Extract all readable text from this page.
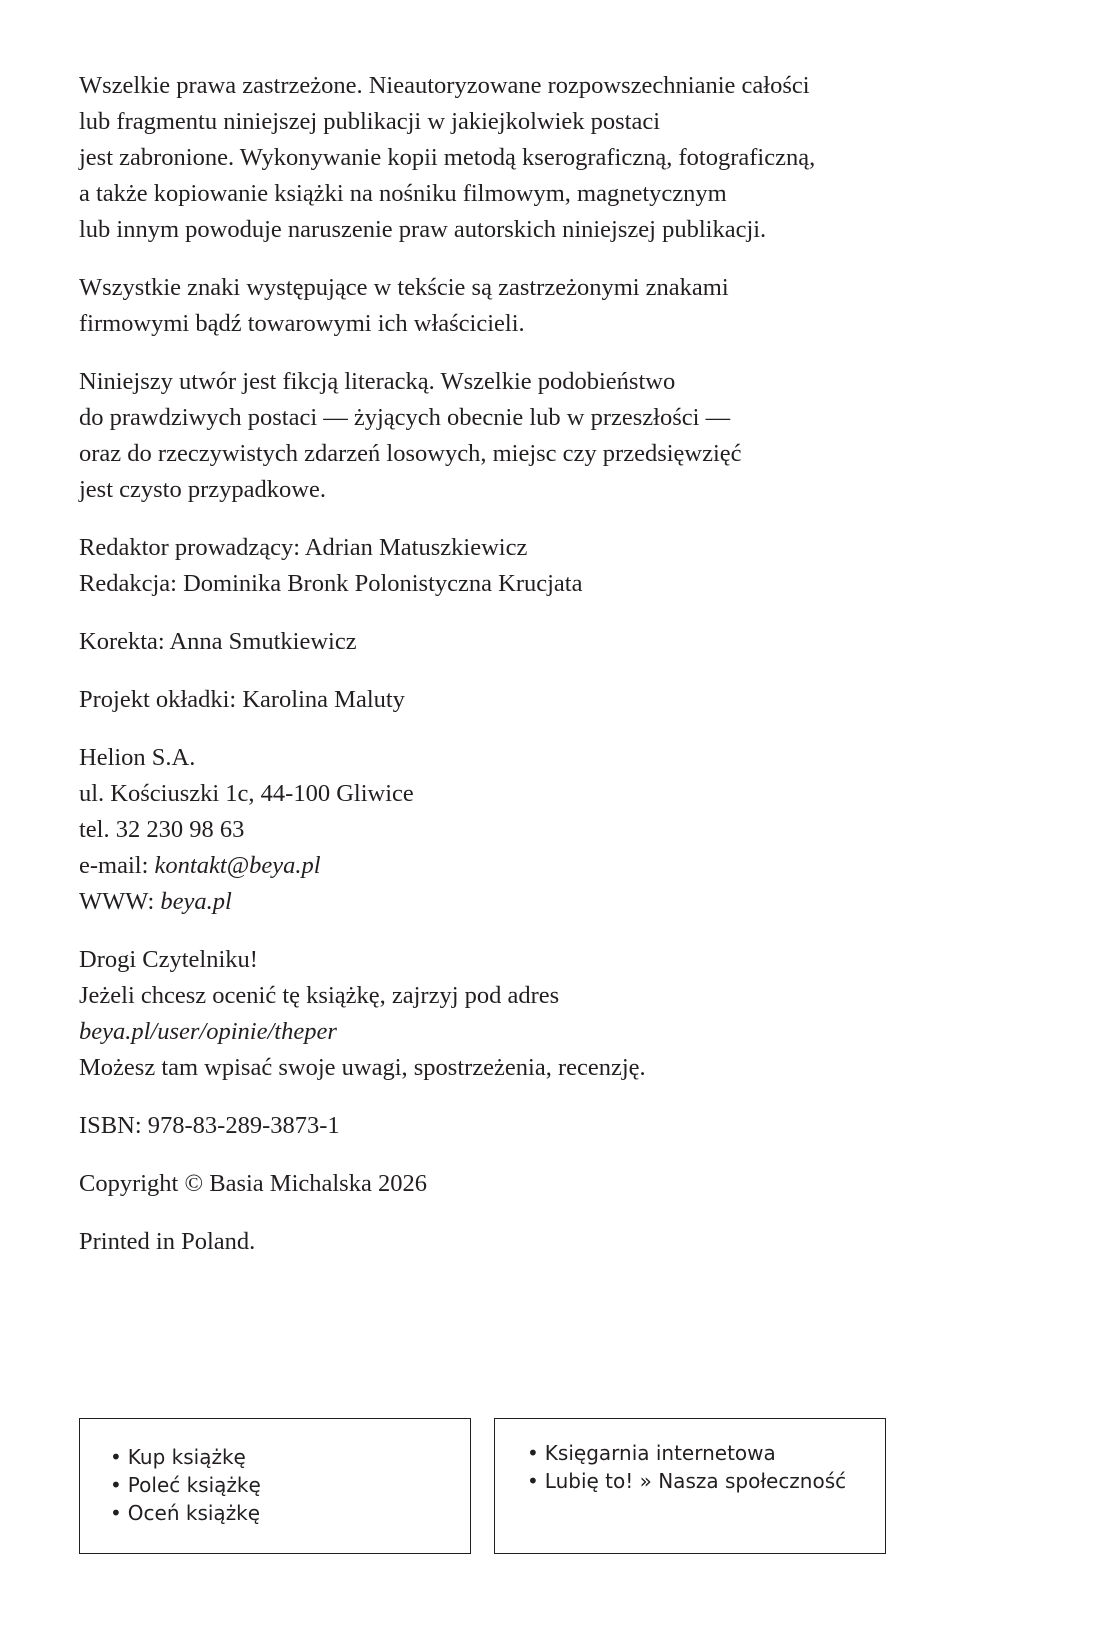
Wszelkie prawa zastrzeżone. Nieautoryzowane rozpowszechnianie całości
lub fragmentu niniejszej publikacji w jakiejkolwiek postaci
jest zabronione. Wykonywanie kopii metodą kserograficzną, fotograficzną,
a także kopiowanie książki na nośniku filmowym, magnetycznym
lub innym powoduje naruszenie praw autorskich niniejszej publikacji.

Wszystkie znaki występujące w tekście są zastrzeżonymi znakami
firmowymi bądź towarowymi ich właścicieli.

Niniejszy utwór jest fikcją literacką. Wszelkie podobieństwo
do prawdziwych postaci — żyjących obecnie lub w przeszłości —
oraz do rzeczywistych zdarzeń losowych, miejsc czy przedsięwzięć
jest czysto przypadkowe.

Redaktor prowadzący: Adrian Matuszkiewicz
Redakcja: Dominika Bronk Polonistyczna Krucjata

Korekta: Anna Smutkiewicz

Projekt okładki: Karolina Maluty

Helion S.A.
ul. Kościuszki 1c, 44-100 Gliwice
tel. 32 230 98 63
e-mail: kontakt@beya.pl
WWW: beya.pl

Drogi Czytelniku!
Jeżeli chcesz ocenić tę książkę, zajrzyj pod adres
beya.pl/user/opinie/theper
Możesz tam wpisać swoje uwagi, spostrzeżenia, recenzję.

ISBN: 978-83-289-3873-1

Copyright © Basia Michalska 2026

Printed in Poland.

• Kup książkę
• Poleć książkę
• Oceń książkę
• Księgarnia internetowa
• Lubię to! » Nasza społeczność
